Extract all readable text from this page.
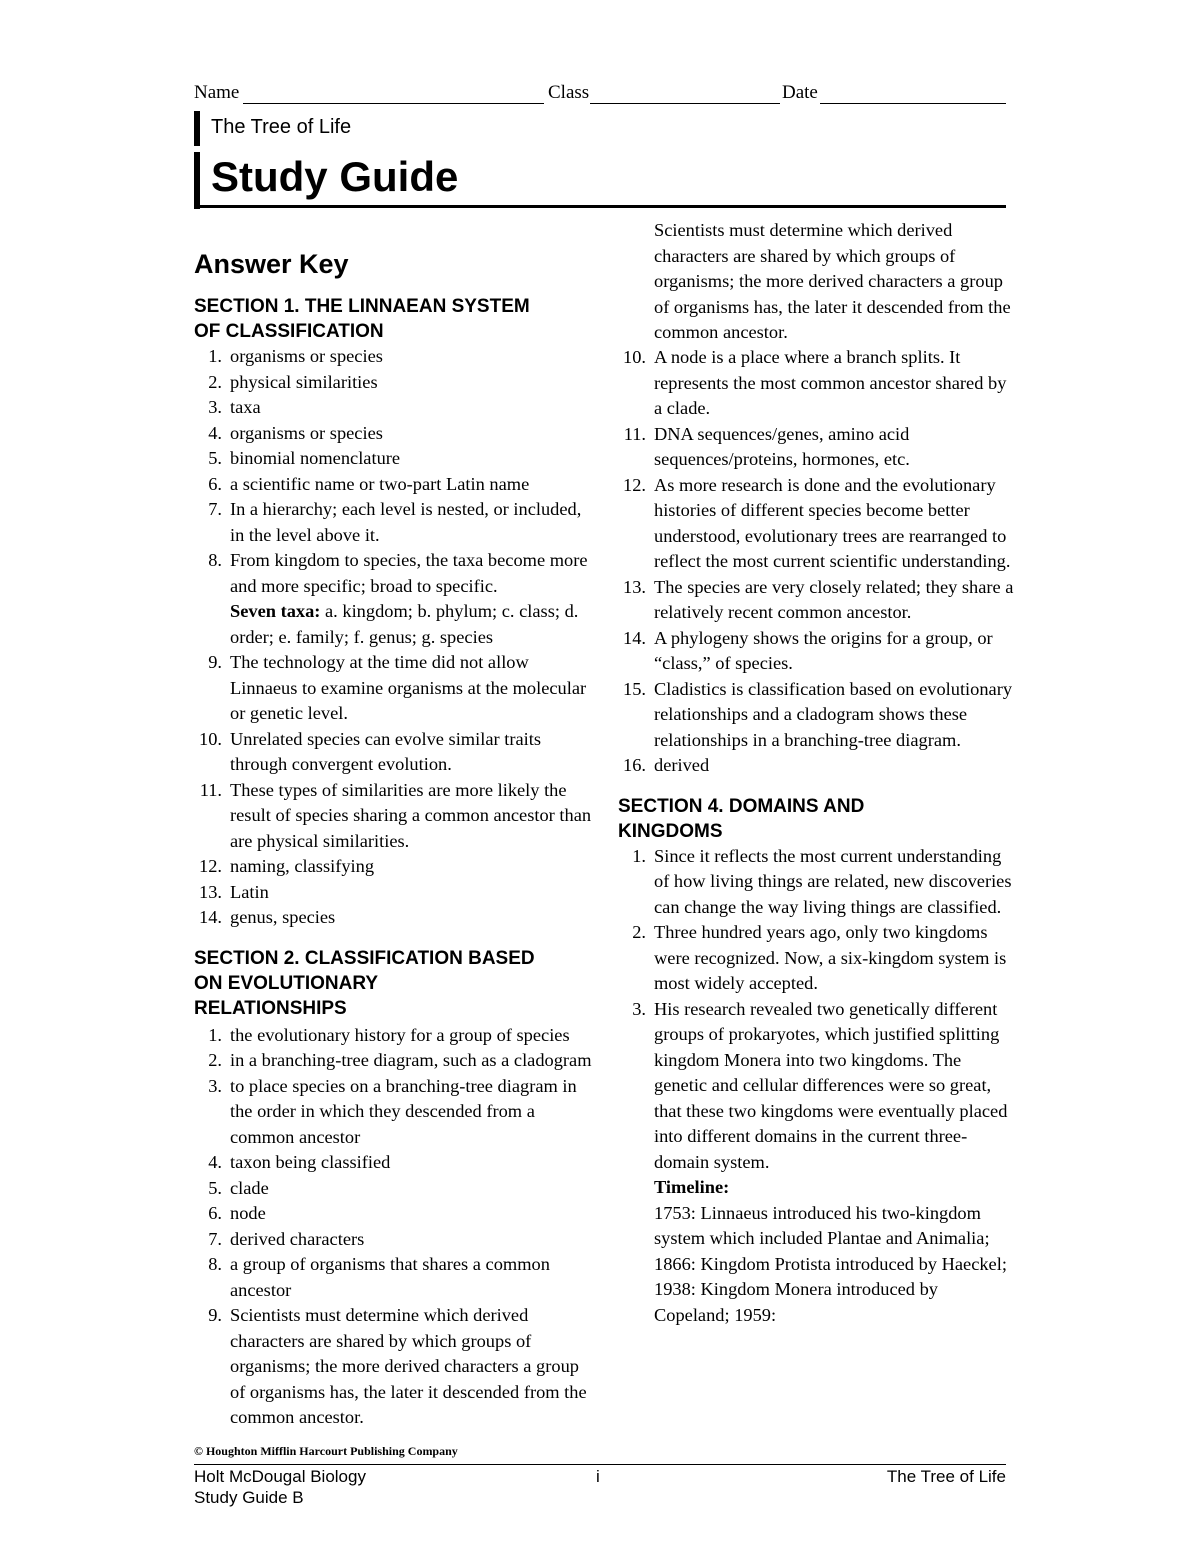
Name	Class	Date
The Tree of Life
Study Guide
Answer Key

SECTION 1. THE LINNAEAN SYSTEM
OF CLASSIFICATION

1. organisms or species
2. physical similarities
3. taxa
4. organisms or species
5. binomial nomenclature
6. a scientific name or two-part Latin name
7. In a hierarchy; each level is nested, or included, in the level above it.
8. From kingdom to species, the taxa become more and more specific; broad to specific.
Seven taxa: a. kingdom; b. phylum; c. class; d. order; e. family; f. genus; g. species
9. The technology at the time did not allow Linnaeus to examine organisms at the molecular or genetic level.
10. Unrelated species can evolve similar traits through convergent evolution.
11. These types of similarities are more likely the result of species sharing a common ancestor than are physical similarities.
12. naming, classifying
13. Latin
14. genus, species

SECTION 2. CLASSIFICATION BASED
ON EVOLUTIONARY
RELATIONSHIPS

1. the evolutionary history for a group of species
2. in a branching-tree diagram, such as a cladogram
3. to place species on a branching-tree diagram in the order in which they descended from a common ancestor
4. taxon being classified
5. clade
6. node
7. derived characters
8. a group of organisms that shares a common ancestor
9. Scientists must determine which derived characters are shared by which groups of organisms; the more derived characters a group of organisms has, the later it descended from the common ancestor.
Scientists must determine which derived characters are shared by which groups of organisms; the more derived characters a group of organisms has, the later it descended from the common ancestor.
10. A node is a place where a branch splits. It represents the most common ancestor shared by a clade.
11. DNA sequences/genes, amino acid sequences/proteins, hormones, etc.
12. As more research is done and the evolutionary histories of different species become better understood, evolutionary trees are rearranged to reflect the most current scientific understanding.
13. The species are very closely related; they share a relatively recent common ancestor.
14. A phylogeny shows the origins for a group, or “class,” of species.
15. Cladistics is classification based on evolutionary relationships and a cladogram shows these relationships in a branching-tree diagram.
16. derived

SECTION 4. DOMAINS AND
KINGDOMS

1. Since it reflects the most current understanding of how living things are related, new discoveries can change the way living things are classified.
2. Three hundred years ago, only two kingdoms were recognized. Now, a six-kingdom system is most widely accepted.
3. His research revealed two genetically different groups of prokaryotes, which justified splitting kingdom Monera into two kingdoms. The genetic and cellular differences were so great, that these two kingdoms were eventually placed into different domains in the current three-domain system.
Timeline:
1753: Linnaeus introduced his two-kingdom system which included Plantae and Animalia; 1866: Kingdom Protista introduced by Haeckel; 1938: Kingdom Monera introduced by Copeland; 1959:
© Houghton Mifflin Harcourt Publishing Company
Holt McDougal Biology
Study Guide B
i	The Tree of Life
